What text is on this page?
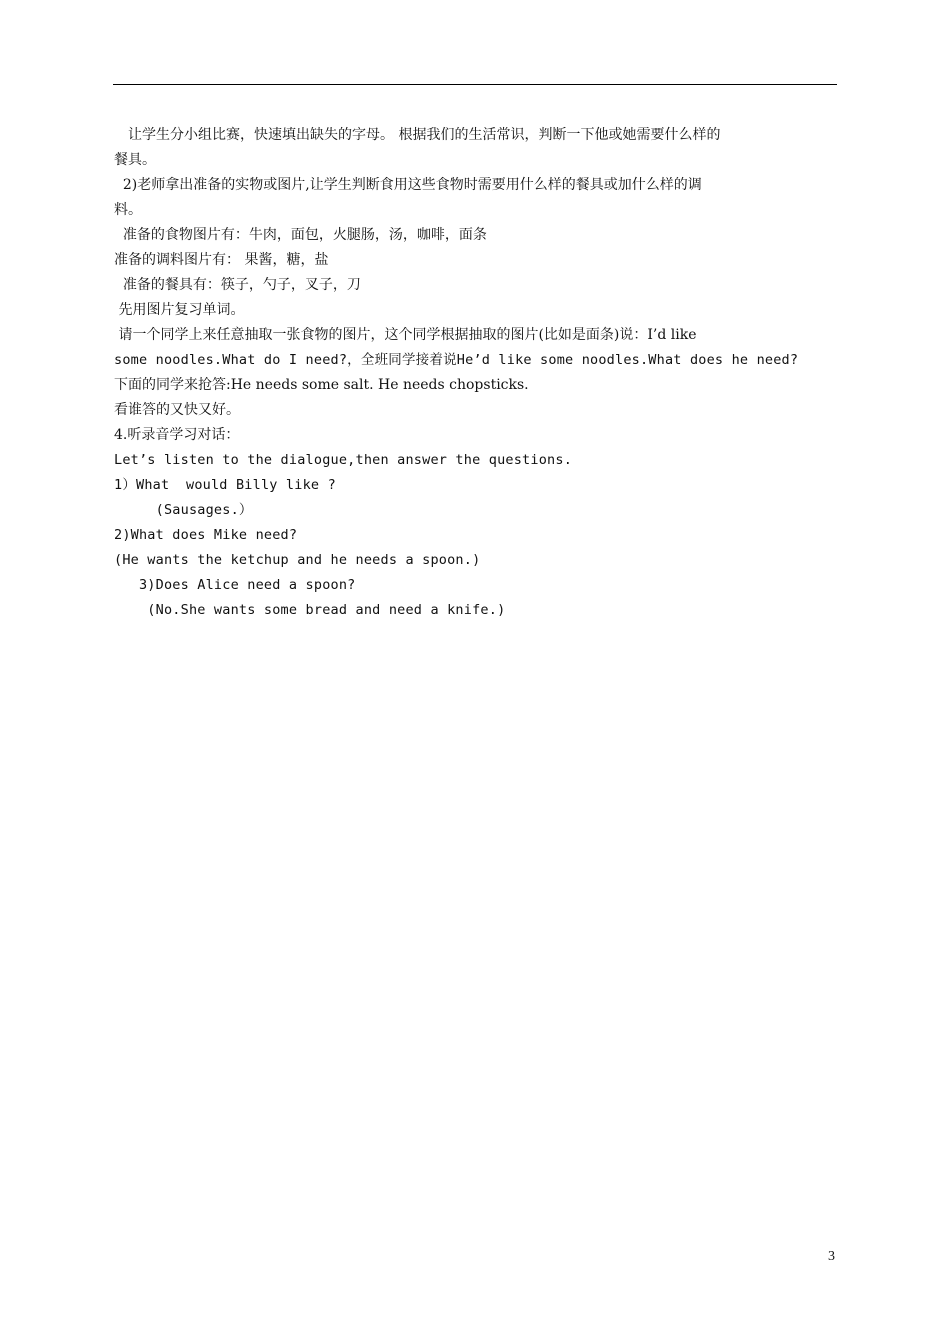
　让学生分小组比赛，快速填出缺失的字母。 根据我们的生活常识，判断一下他或她需要什么样的
餐具。
2)老师拿出准备的实物或图片,让学生判断食用这些食物时需要用什么样的餐具或加什么样的调
料。
准备的食物图片有：牛肉，面包，火腿肠，汤，咖啡，面条
准备的调料图片有： 果酱，糖，盐
准备的餐具有：筷子，勺子，叉子，刀
先用图片复习单词。
请一个同学上来任意抽取一张食物的图片，这个同学根据抽取的图片(比如是面条)说：I’d like
some noodles.What do I need?，全班同学接着说He’d like some noodles.What does he need?
下面的同学来抢答:He needs some salt. He needs chopsticks.
看谁答的又快又好。
4.听录音学习对话：
Let’s listen to the dialogue,then answer the questions.
1）What  would Billy like ?
(Sausages.）
2)What does Mike need?
(He wants the ketchup and he needs a spoon.)
3)Does Alice need a spoon?
(No.She wants some bread and need a knife.)
3
